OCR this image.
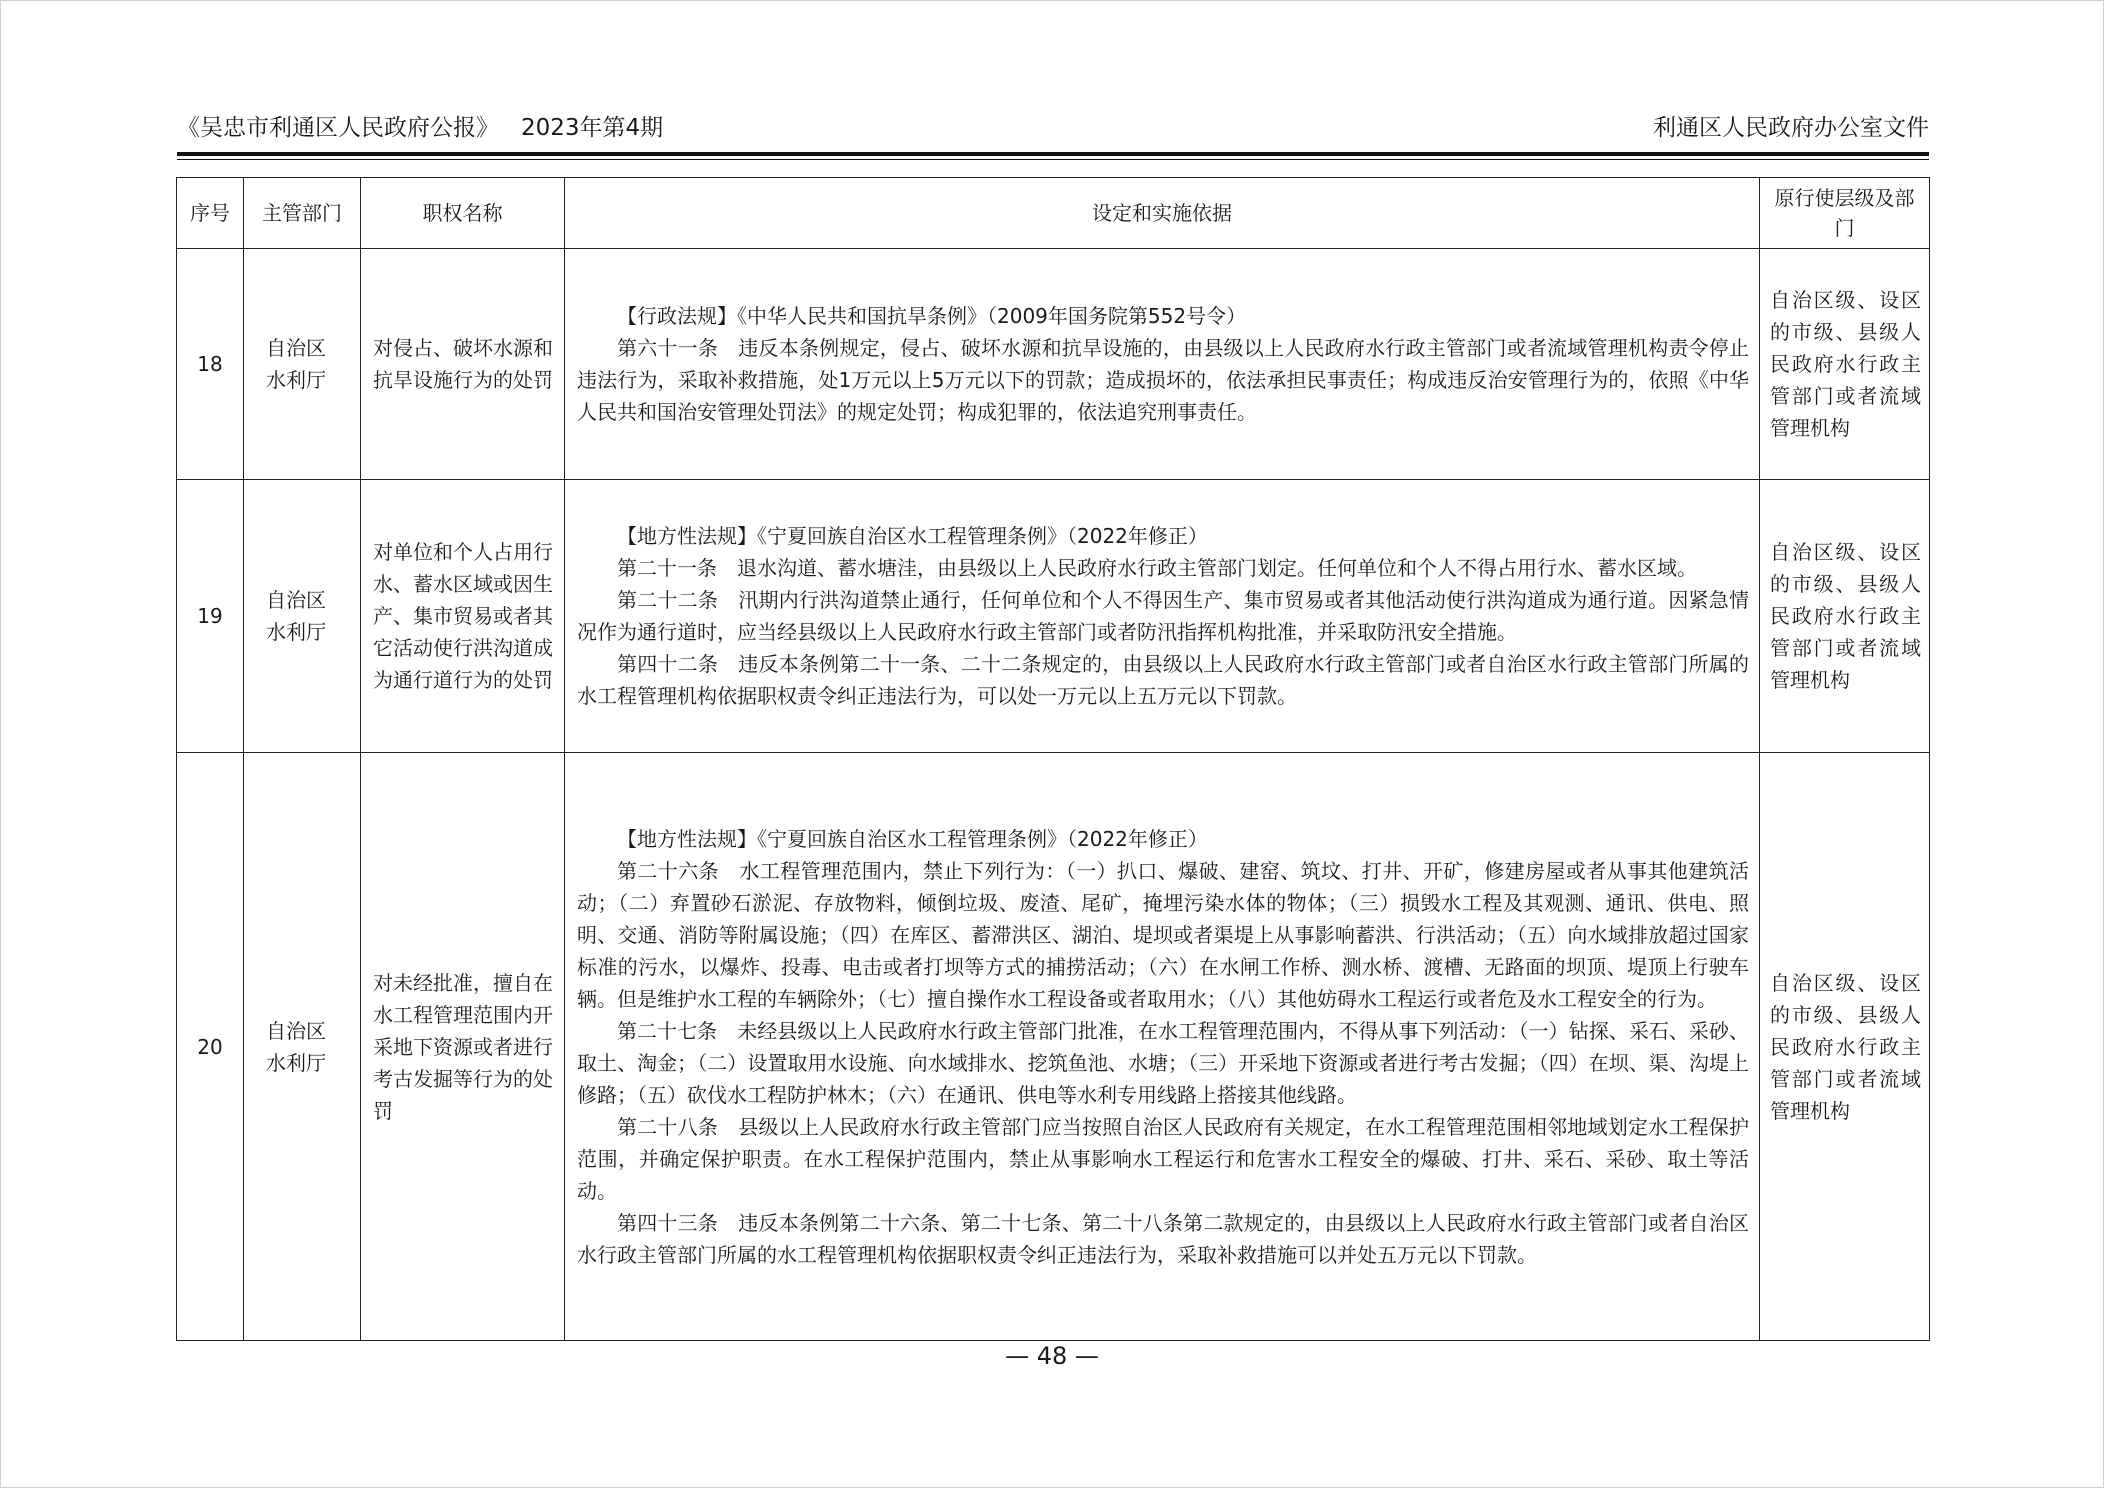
《吴忠市利通区人民政府公报》 2023年第4期	利通区人民政府办公室文件
序号	主管部门	职权名称	设定和实施依据	原行使层级及部门
18	自治区水利厅	对侵占、破坏水源和抗旱设施行为的处罚	【行政法规】《中华人民共和国抗旱条例》（2009年国务院第552号令）

第六十一条　违反本条例规定，侵占、破坏水源和抗旱设施的，由县级以上人民政府水行政主管部门或者流域管理机构责令停止违法行为，采取补救措施，处1万元以上5万元以下的罚款；造成损坏的，依法承担民事责任；构成违反治安管理行为的，依照《中华人民共和国治安管理处罚法》的规定处罚；构成犯罪的，依法追究刑事责任。	自治区级、设区的市级、县级人民政府水行政主管部门或者流域管理机构
19	自治区水利厅	对单位和个人占用行水、蓄水区域或因生产、集市贸易或者其它活动使行洪沟道成为通行道行为的处罚	【地方性法规】《宁夏回族自治区水工程管理条例》（2022年修正）

第二十一条　退水沟道、蓄水塘洼，由县级以上人民政府水行政主管部门划定。任何单位和个人不得占用行水、蓄水区域。

第二十二条　汛期内行洪沟道禁止通行，任何单位和个人不得因生产、集市贸易或者其他活动使行洪沟道成为通行道。因紧急情况作为通行道时，应当经县级以上人民政府水行政主管部门或者防汛指挥机构批准，并采取防汛安全措施。

第四十二条　违反本条例第二十一条、二十二条规定的，由县级以上人民政府水行政主管部门或者自治区水行政主管部门所属的水工程管理机构依据职权责令纠正违法行为，可以处一万元以上五万元以下罚款。	自治区级、设区的市级、县级人民政府水行政主管部门或者流域管理机构
20	自治区水利厅	对未经批准，擅自在水工程管理范围内开采地下资源或者进行考古发掘等行为的处罚	【地方性法规】《宁夏回族自治区水工程管理条例》（2022年修正）

第二十六条　水工程管理范围内，禁止下列行为：（一）扒口、爆破、建窑、筑坟、打井、开矿，修建房屋或者从事其他建筑活动；（二）弃置砂石淤泥、存放物料，倾倒垃圾、废渣、尾矿，掩埋污染水体的物体；（三）损毁水工程及其观测、通讯、供电、照明、交通、消防等附属设施；（四）在库区、蓄滞洪区、湖泊、堤坝或者渠堤上从事影响蓄洪、行洪活动；（五）向水域排放超过国家标准的污水，以爆炸、投毒、电击或者打坝等方式的捕捞活动；（六）在水闸工作桥、测水桥、渡槽、无路面的坝顶、堤顶上行驶车辆。但是维护水工程的车辆除外；（七）擅自操作水工程设备或者取用水；（八）其他妨碍水工程运行或者危及水工程安全的行为。

第二十七条　未经县级以上人民政府水行政主管部门批准，在水工程管理范围内，不得从事下列活动：（一）钻探、采石、采砂、取土、淘金；（二）设置取用水设施、向水域排水、挖筑鱼池、水塘；（三）开采地下资源或者进行考古发掘；（四）在坝、渠、沟堤上修路；（五）砍伐水工程防护林木；（六）在通讯、供电等水利专用线路上搭接其他线路。

第二十八条　县级以上人民政府水行政主管部门应当按照自治区人民政府有关规定，在水工程管理范围相邻地域划定水工程保护范围，并确定保护职责。在水工程保护范围内，禁止从事影响水工程运行和危害水工程安全的爆破、打井、采石、采砂、取土等活动。

第四十三条　违反本条例第二十六条、第二十七条、第二十八条第二款规定的，由县级以上人民政府水行政主管部门或者自治区水行政主管部门所属的水工程管理机构依据职权责令纠正违法行为，采取补救措施可以并处五万元以下罚款。	自治区级、设区的市级、县级人民政府水行政主管部门或者流域管理机构
— 48 —
